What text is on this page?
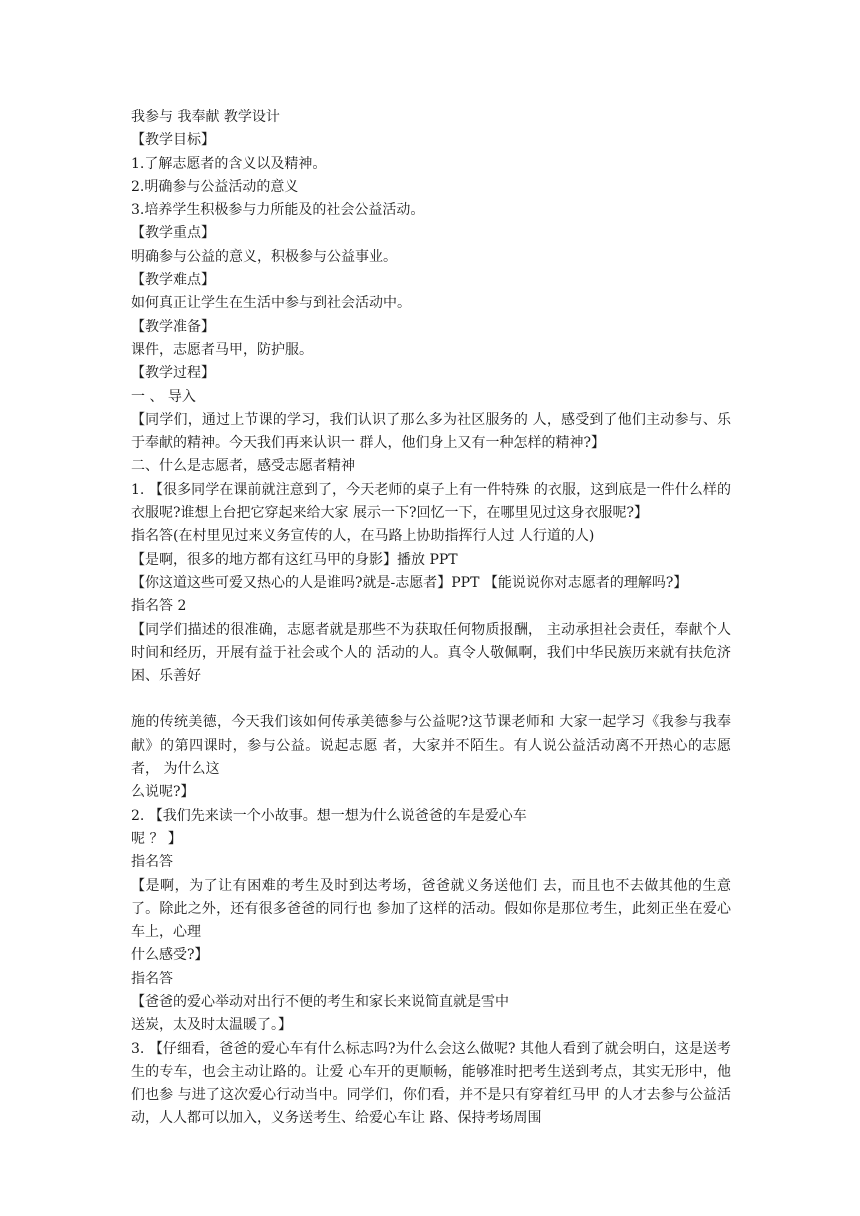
我参与 我奉献 教学设计
【教学目标】
1.了解志愿者的含义以及精神。
2.明确参与公益活动的意义
3.培养学生积极参与力所能及的社会公益活动。
【教学重点】
明确参与公益的意义，积极参与公益事业。
【教学难点】
如何真正让学生在生活中参与到社会活动中。
【教学准备】
课件，志愿者马甲，防护服。
【教学过程】
一 、 导入
【同学们，通过上节课的学习，我们认识了那么多为社区服务的 人，感受到了他们主动参与、乐于奉献的精神。今天我们再来认识一 群人，他们身上又有一种怎样的精神?】
二、什么是志愿者，感受志愿者精神
1. 【很多同学在课前就注意到了，今天老师的桌子上有一件特殊 的衣服，这到底是一件什么样的衣服呢?谁想上台把它穿起来给大家 展示一下?回忆一下，在哪里见过这身衣服呢?】
指名答(在村里见过来义务宣传的人，在马路上协助指挥行人过 人行道的人)
【是啊，很多的地方都有这红马甲的身影】播放 PPT
【你这道这些可爱又热心的人是谁吗?就是-志愿者】PPT 【能说说你对志愿者的理解吗?】
指名答 2
【同学们描述的很准确，志愿者就是那些不为获取任何物质报酬， 主动承担社会责任，奉献个人时间和经历，开展有益于社会或个人的 活动的人。真令人敬佩啊，我们中华民族历来就有扶危济困、乐善好
施的传统美德，今天我们该如何传承美德参与公益呢?这节课老师和 大家一起学习《我参与我奉献》的第四课时，参与公益。说起志愿 者，大家并不陌生。有人说公益活动离不开热心的志愿者， 为什么这
么说呢?】
2. 【我们先来读一个小故事。想一想为什么说爸爸的车是爱心车
呢 ？ 】
指名答
【是啊，为了让有困难的考生及时到达考场，爸爸就义务送他们 去，而且也不去做其他的生意了。除此之外，还有很多爸爸的同行也 参加了这样的活动。假如你是那位考生，此刻正坐在爱心车上，心理
什么感受?】
指名答
【爸爸的爱心举动对出行不便的考生和家长来说简直就是雪中
送炭，太及时太温暖了。】
3. 【仔细看，爸爸的爱心车有什么标志吗?为什么会这么做呢? 其他人看到了就会明白，这是送考生的专车，也会主动让路的。让爱 心车开的更顺畅，能够准时把考生送到考点，其实无形中，他们也参 与进了这次爱心行动当中。同学们，你们看，并不是只有穿着红马甲 的人才去参与公益活动，人人都可以加入，义务送考生、给爱心车让 路、保持考场周围
